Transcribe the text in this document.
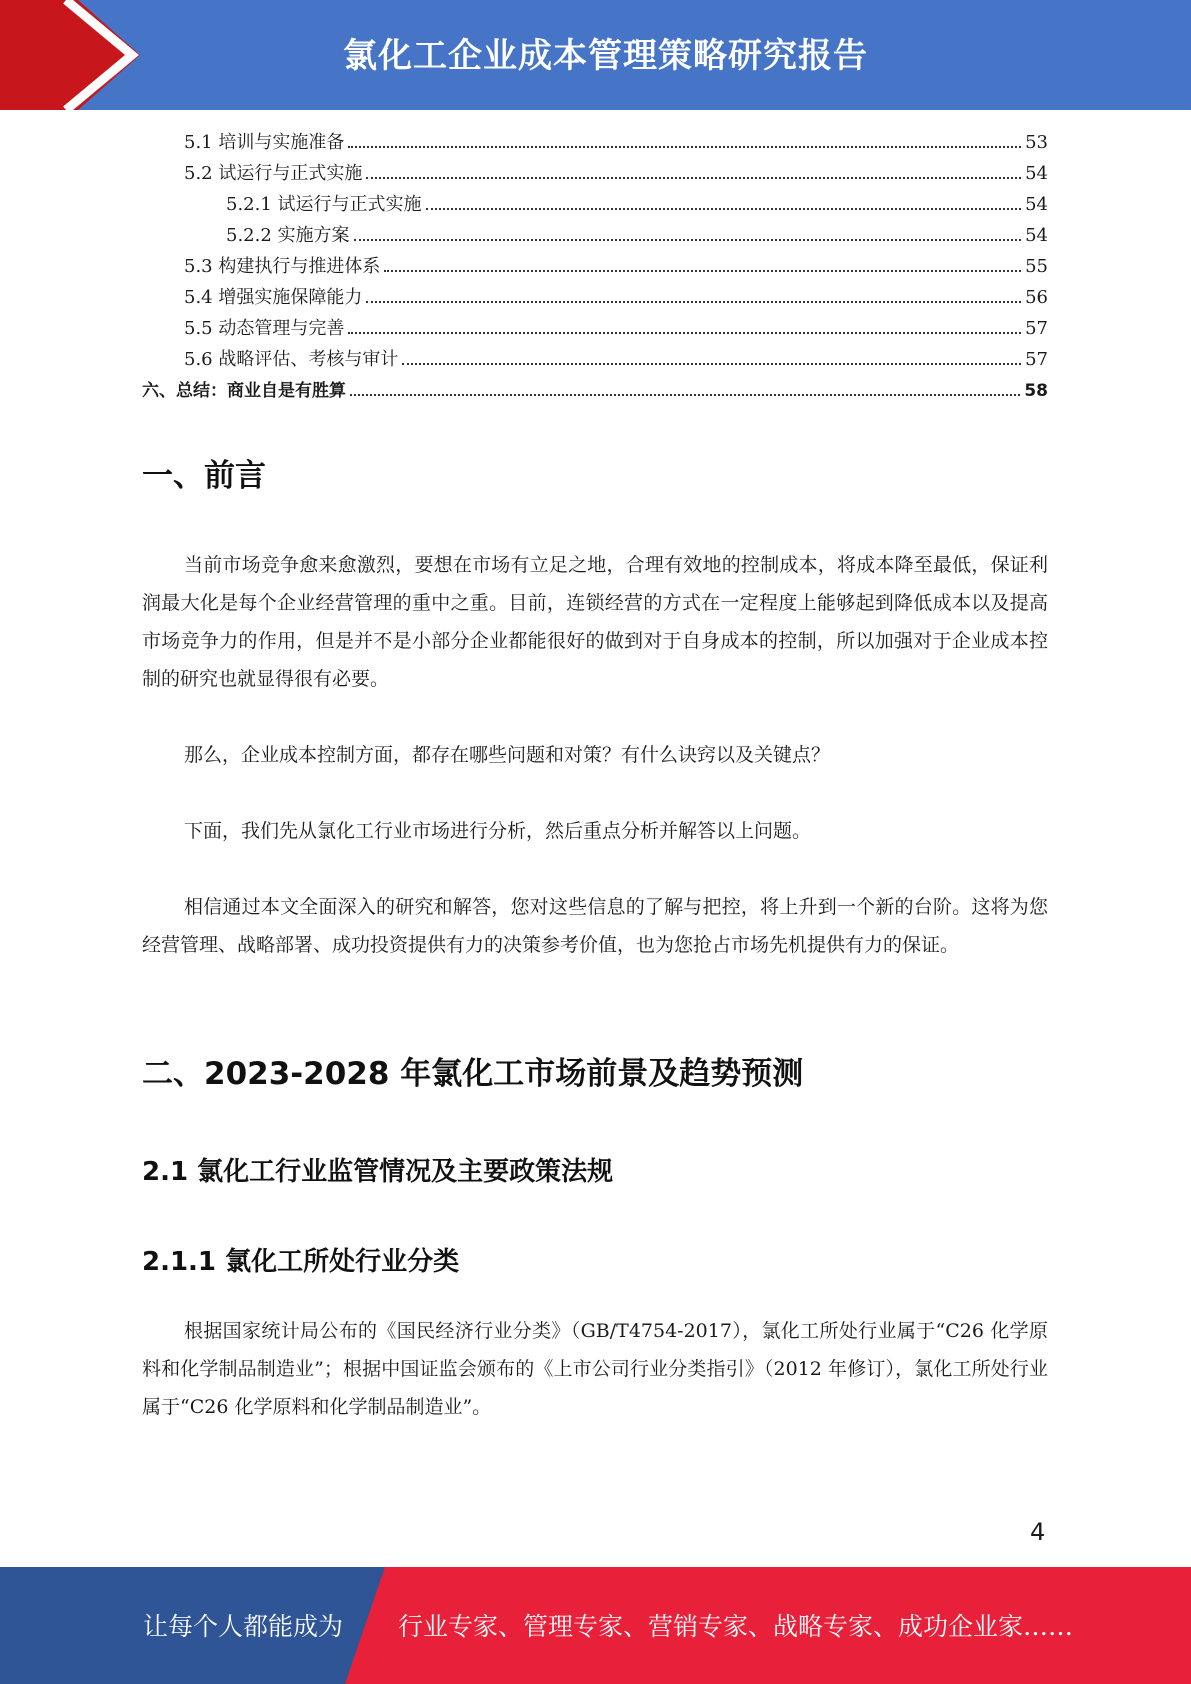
氯化工企业成本管理策略研究报告
5.1 培训与实施准备	53
5.2 试运行与正式实施	54
5.2.1 试运行与正式实施	54
5.2.2 实施方案	54
5.3 构建执行与推进体系	55
5.4 增强实施保障能力	56
5.5 动态管理与完善	57
5.6 战略评估、考核与审计	57
六、总结：商业自是有胜算	58
一、前言
当前市场竞争愈来愈激烈，要想在市场有立足之地，合理有效地的控制成本，将成本降至最低，保证利润最大化是每个企业经营管理的重中之重。目前，连锁经营的方式在一定程度上能够起到降低成本以及提高市场竞争力的作用，但是并不是小部分企业都能很好的做到对于自身成本的控制，所以加强对于企业成本控制的研究也就显得很有必要。
那么，企业成本控制方面，都存在哪些问题和对策？有什么诀窍以及关键点？
下面，我们先从氯化工行业市场进行分析，然后重点分析并解答以上问题。
相信通过本文全面深入的研究和解答，您对这些信息的了解与把控，将上升到一个新的台阶。这将为您经营管理、战略部署、成功投资提供有力的决策参考价值，也为您抢占市场先机提供有力的保证。
二、2023-2028 年氯化工市场前景及趋势预测
2.1 氯化工行业监管情况及主要政策法规
2.1.1 氯化工所处行业分类
根据国家统计局公布的《国民经济行业分类》（GB/T4754-2017），氯化工所处行业属于“C26 化学原料和化学制品制造业”；根据中国证监会颁布的《上市公司行业分类指引》（2012 年修订），氯化工所处行业属于“C26 化学原料和化学制品制造业”。
4
让每个人都能成为 行业专家、管理专家、营销专家、战略专家、成功企业家……
